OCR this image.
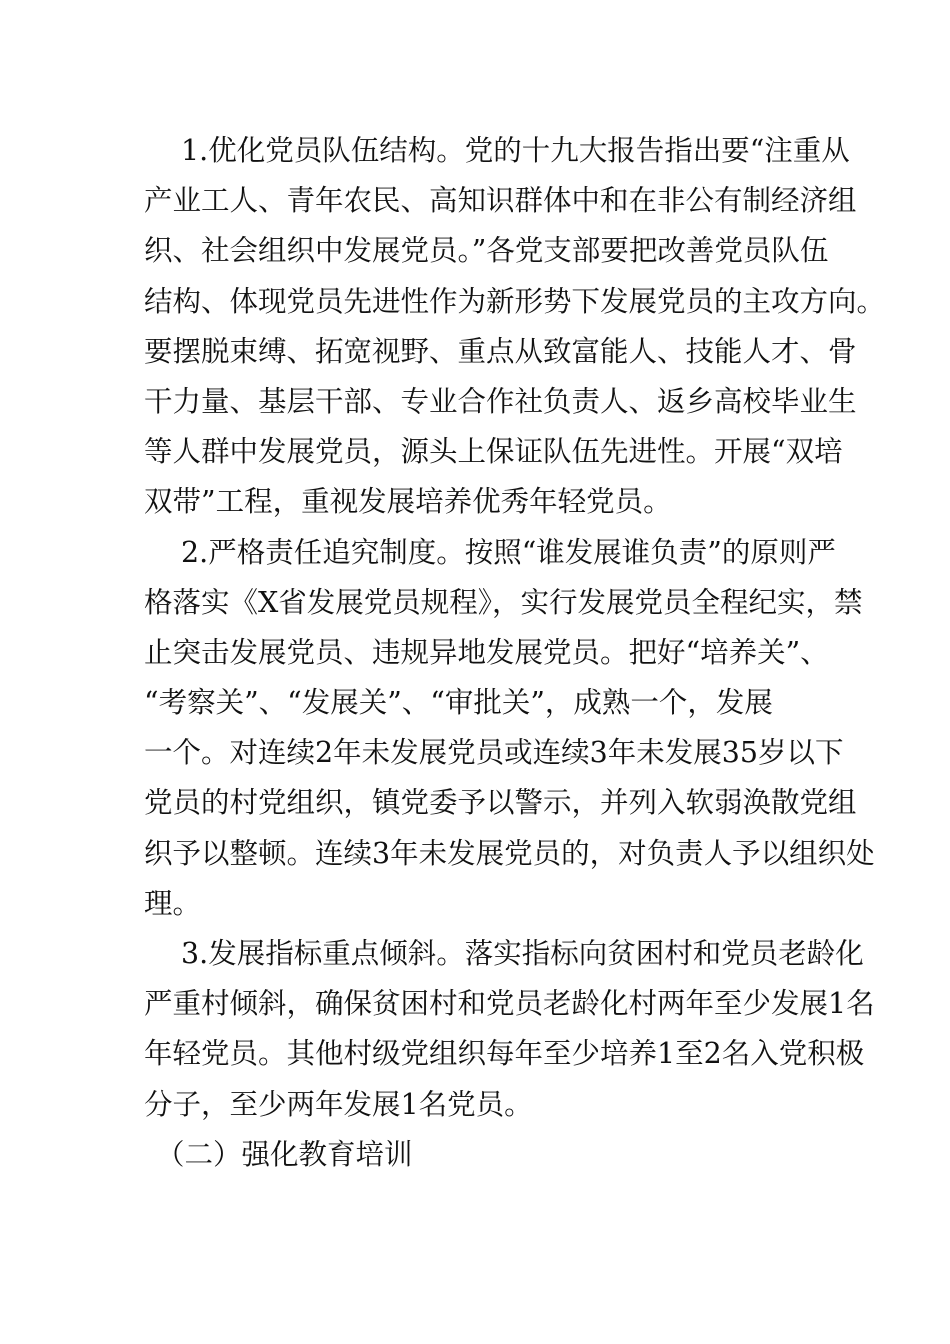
1.优化党员队伍结构。党的十九大报告指出要“注重从
产业工人、青年农民、高知识群体中和在非公有制经济组
织、社会组织中发展党员。”各党支部要把改善党员队伍
结构、体现党员先进性作为新形势下发展党员的主攻方向。
要摆脱束缚、拓宽视野、重点从致富能人、技能人才、骨
干力量、基层干部、专业合作社负责人、返乡高校毕业生
等人群中发展党员，源头上保证队伍先进性。开展“双培
双带”工程，重视发展培养优秀年轻党员。

2.严格责任追究制度。按照“谁发展谁负责”的原则严
格落实《X省发展党员规程》，实行发展党员全程纪实，禁
止突击发展党员、违规异地发展党员。把好“培养关”、
“考察关”、“发展关”、“审批关”，成熟一个，发展
一个。对连续2年未发展党员或连续3年未发展35岁以下
党员的村党组织，镇党委予以警示，并列入软弱涣散党组
织予以整顿。连续3年未发展党员的，对负责人予以组织处
理。

3.发展指标重点倾斜。落实指标向贫困村和党员老龄化
严重村倾斜，确保贫困村和党员老龄化村两年至少发展1名
年轻党员。其他村级党组织每年至少培养1至2名入党积极
分子，至少两年发展1名党员。

（二）强化教育培训
